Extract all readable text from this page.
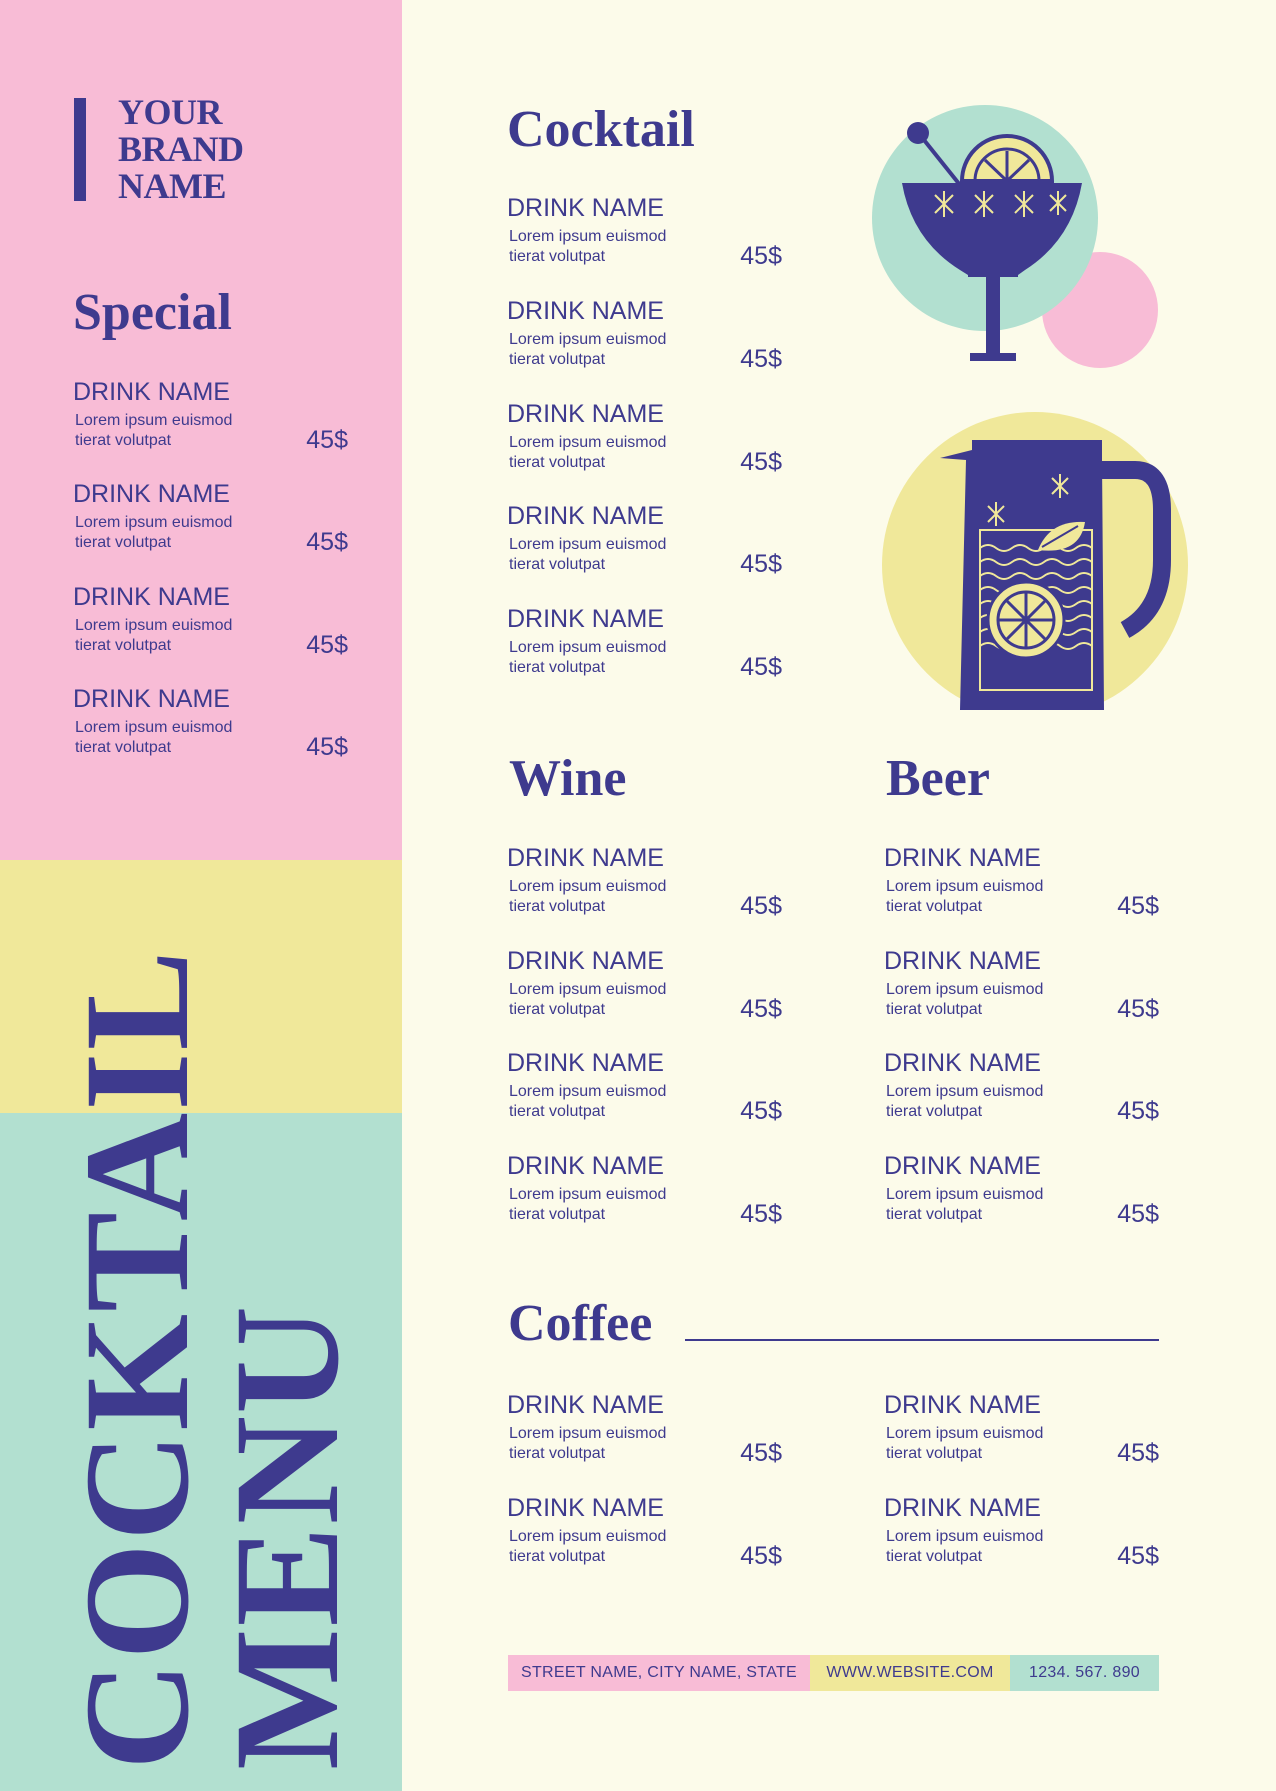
YOUR
BRAND
NAME
Special
DRINK NAME
Lorem ipsum euismod
tierat volutpat	45$
DRINK NAME
Lorem ipsum euismod
tierat volutpat	45$
DRINK NAME
Lorem ipsum euismod
tierat volutpat	45$
DRINK NAME
Lorem ipsum euismod
tierat volutpat	45$
COCKTAIL
MENU
Cocktail
DRINK NAME
Lorem ipsum euismod
tierat volutpat	45$
DRINK NAME
Lorem ipsum euismod
tierat volutpat	45$
DRINK NAME
Lorem ipsum euismod
tierat volutpat	45$
DRINK NAME
Lorem ipsum euismod
tierat volutpat	45$
DRINK NAME
Lorem ipsum euismod
tierat volutpat	45$
Wine
DRINK NAME
Lorem ipsum euismod
tierat volutpat	45$
DRINK NAME
Lorem ipsum euismod
tierat volutpat	45$
DRINK NAME
Lorem ipsum euismod
tierat volutpat	45$
DRINK NAME
Lorem ipsum euismod
tierat volutpat	45$
Beer
DRINK NAME
Lorem ipsum euismod
tierat volutpat	45$
DRINK NAME
Lorem ipsum euismod
tierat volutpat	45$
DRINK NAME
Lorem ipsum euismod
tierat volutpat	45$
DRINK NAME
Lorem ipsum euismod
tierat volutpat	45$
Coffee
DRINK NAME
Lorem ipsum euismod
tierat volutpat	45$
DRINK NAME
Lorem ipsum euismod
tierat volutpat	45$
DRINK NAME
Lorem ipsum euismod
tierat volutpat	45$
DRINK NAME
Lorem ipsum euismod
tierat volutpat	45$
STREET NAME, CITY NAME, STATE	WWW.WEBSITE.COM	1234. 567. 890
